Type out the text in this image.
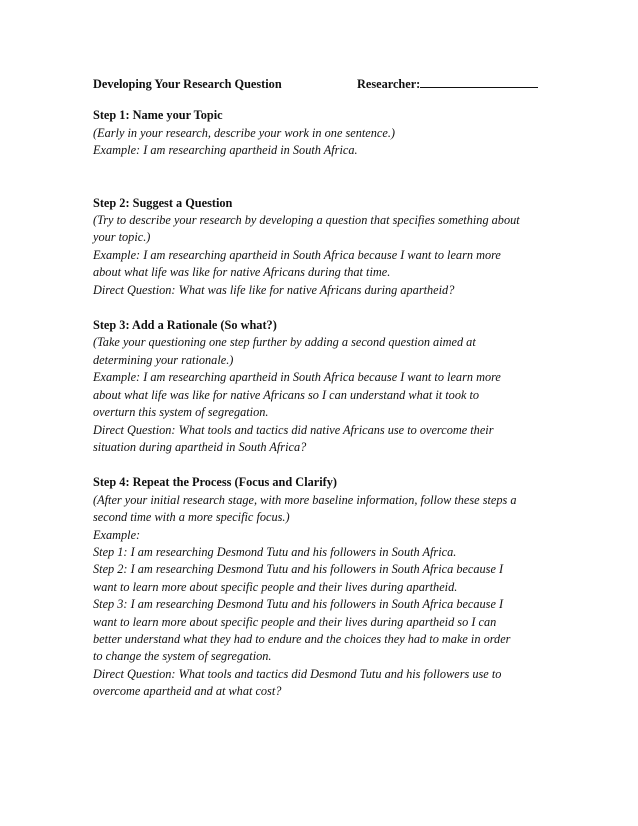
Developing Your Research Question	Researcher:
Step 1: Name your Topic
(Early in your research, describe your work in one sentence.)
Example: I am researching apartheid in South Africa.
Step 2: Suggest a Question
(Try to describe your research by developing a question that specifies something about
your topic.)
Example: I am researching apartheid in South Africa because I want to learn more
about what life was like for native Africans during that time.
Direct Question: What was life like for native Africans during apartheid?
Step 3: Add a Rationale (So what?)
(Take your questioning one step further by adding a second question aimed at
determining your rationale.)
Example: I am researching apartheid in South Africa because I want to learn more
about what life was like for native Africans so I can understand what it took to
overturn this system of segregation.
Direct Question: What tools and tactics did native Africans use to overcome their
situation during apartheid in South Africa?
Step 4: Repeat the Process (Focus and Clarify)
(After your initial research stage, with more baseline information, follow these steps a
second time with a more specific focus.)
Example:
Step 1: I am researching Desmond Tutu and his followers in South Africa.
Step 2: I am researching Desmond Tutu and his followers in South Africa because I
want to learn more about specific people and their lives during apartheid.
Step 3: I am researching Desmond Tutu and his followers in South Africa because I
want to learn more about specific people and their lives during apartheid so I can
better understand what they had to endure and the choices they had to make in order
to change the system of segregation.
Direct Question: What tools and tactics did Desmond Tutu and his followers use to
overcome apartheid and at what cost?
